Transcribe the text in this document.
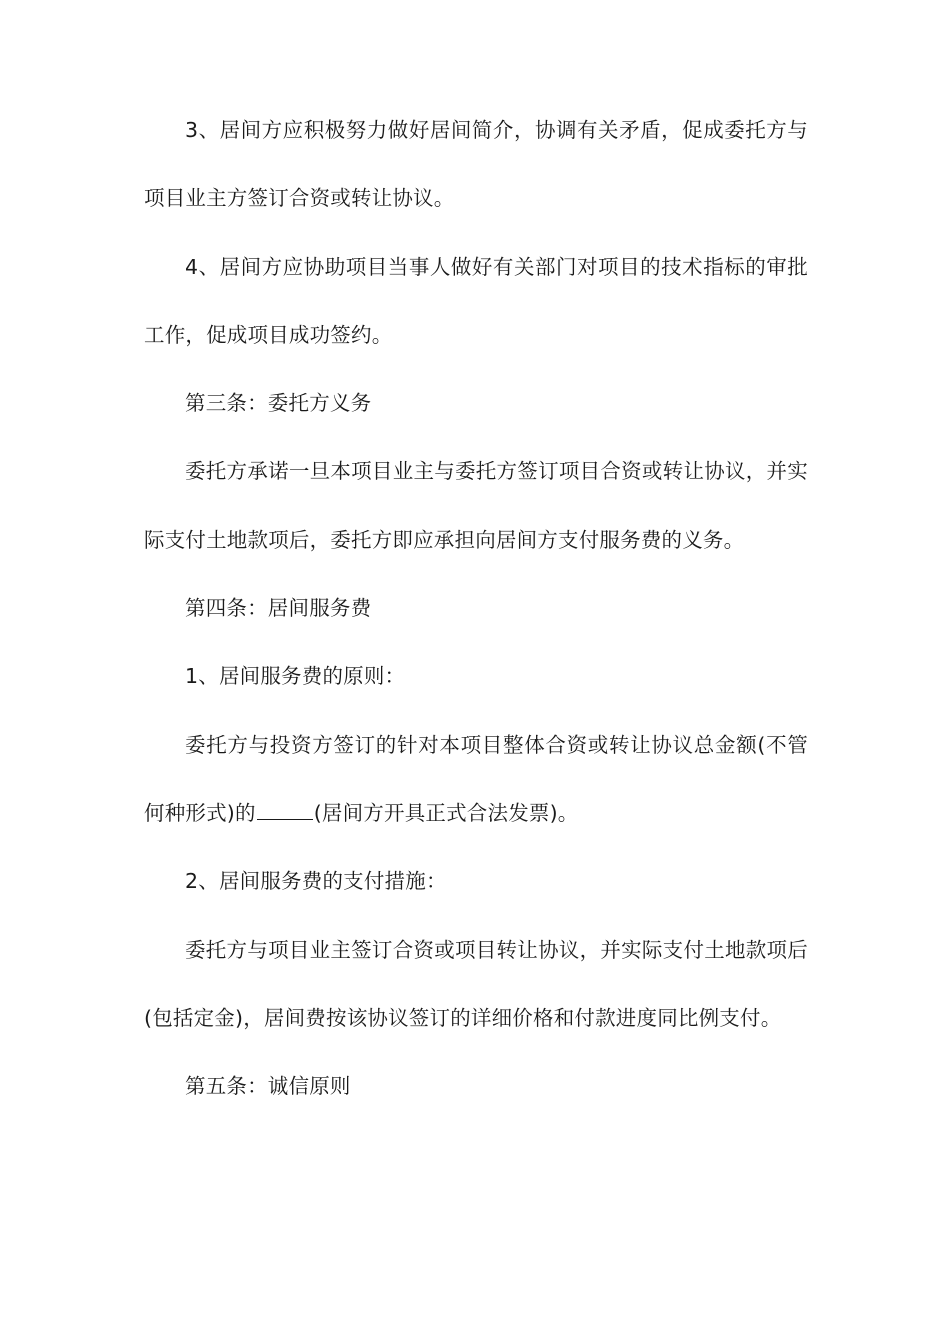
3、居间方应积极努力做好居间简介，协调有关矛盾，促成委托方与项目业主方签订合资或转让协议。

4、居间方应协助项目当事人做好有关部门对项目的技术指标的审批工作，促成项目成功签约。

第三条：委托方义务

委托方承诺一旦本项目业主与委托方签订项目合资或转让协议，并实际支付土地款项后，委托方即应承担向居间方支付服务费的义务。

第四条：居间服务费

1、居间服务费的原则：

委托方与投资方签订的针对本项目整体合资或转让协议总金额(不管何种形式)的	(居间方开具正式合法发票)。

2、居间服务费的支付措施：

委托方与项目业主签订合资或项目转让协议，并实际支付土地款项后(包括定金)，居间费按该协议签订的详细价格和付款进度同比例支付。

第五条：诚信原则
